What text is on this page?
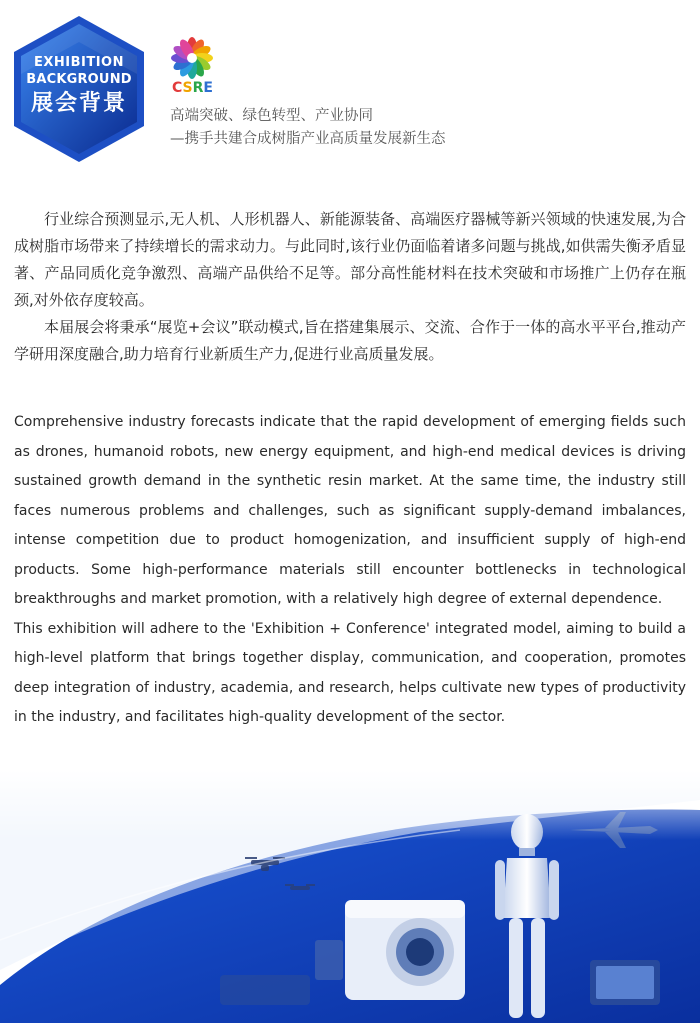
EXHIBITION
BACKGROUND
展会背景
CSRE
高端突破、绿色转型、产业协同
—携手共建合成树脂产业高质量发展新生态

行业综合预测显示,无人机、人形机器人、新能源装备、高端医疗器械等新兴领域的快速发展,为合成树脂市场带来了持续增长的需求动力。与此同时,该行业仍面临着诸多问题与挑战,如供需失衡矛盾显著、产品同质化竞争激烈、高端产品供给不足等。部分高性能材料在技术突破和市场推广上仍存在瓶颈,对外依存度较高。

本届展会将秉承“展览+会议”联动模式,旨在搭建集展示、交流、合作于一体的高水平平台,推动产学研用深度融合,助力培育行业新质生产力,促进行业高质量发展。

Comprehensive industry forecasts indicate that the rapid development of emerging fields such as drones, humanoid robots, new energy equipment, and high-end medical devices is driving sustained growth demand in the synthetic resin market. At the same time, the industry still faces numerous problems and challenges, such as significant supply-demand imbalances, intense competition due to product homogenization, and insufficient supply of high-end products. Some high-performance materials still encounter bottlenecks in technological breakthroughs and market promotion, with a relatively high degree of external dependence.

This exhibition will adhere to the 'Exhibition + Conference' integrated model, aiming to build a high-level platform that brings together display, communication, and cooperation, promotes deep integration of industry, academia, and research, helps cultivate new types of productivity in the industry, and facilitates high-quality development of the sector.
